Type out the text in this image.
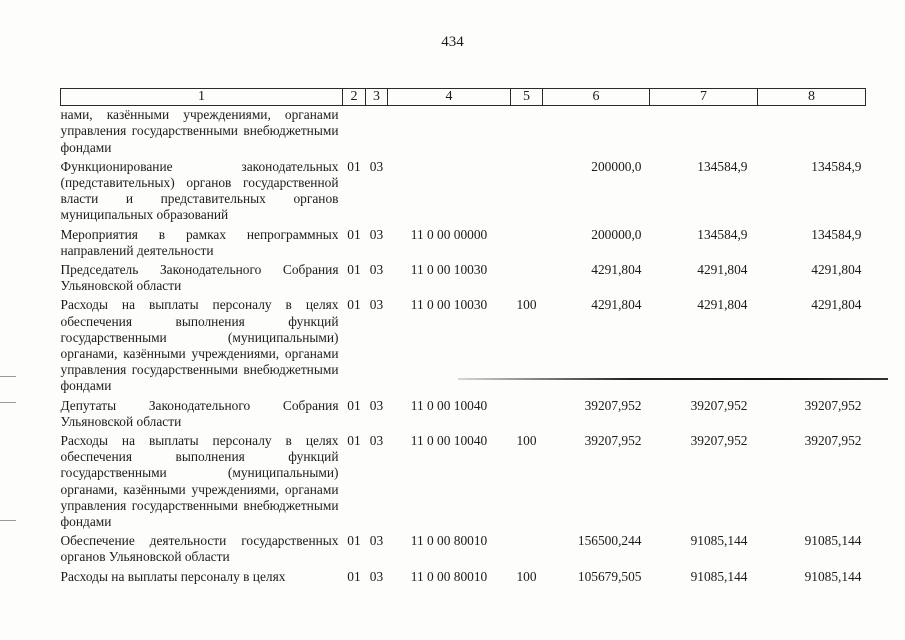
434
1	2	3	4	5	6	7	8
нами, казёнными учреждениями, органами управления государственными внебюджетными фондами							
Функционирование законодательных (представительных) органов государственной власти и представительных органов муниципальных образований	01	03			200000,0	134584,9	134584,9
Мероприятия в рамках непрограммных направлений деятельности	01	03	11 0 00 00000		200000,0	134584,9	134584,9
Председатель Законодательного Собрания Ульяновской области	01	03	11 0 00 10030		4291,804	4291,804	4291,804
Расходы на выплаты персоналу в целях обеспечения выполнения функций государственными (муниципальными) органами, казёнными учреждениями, органами управления государственными внебюджетными фондами	01	03	11 0 00 10030	100	4291,804	4291,804	4291,804
Депутаты Законодательного Собрания Ульяновской области	01	03	11 0 00 10040		39207,952	39207,952	39207,952
Расходы на выплаты персоналу в целях обеспечения выполнения функций государственными (муниципальными) органами, казёнными учреждениями, органами управления государственными внебюджетными фондами	01	03	11 0 00 10040	100	39207,952	39207,952	39207,952
Обеспечение деятельности государственных органов Ульяновской области	01	03	11 0 00 80010		156500,244	91085,144	91085,144
Расходы на выплаты персоналу в целях	01	03	11 0 00 80010	100	105679,505	91085,144	91085,144
